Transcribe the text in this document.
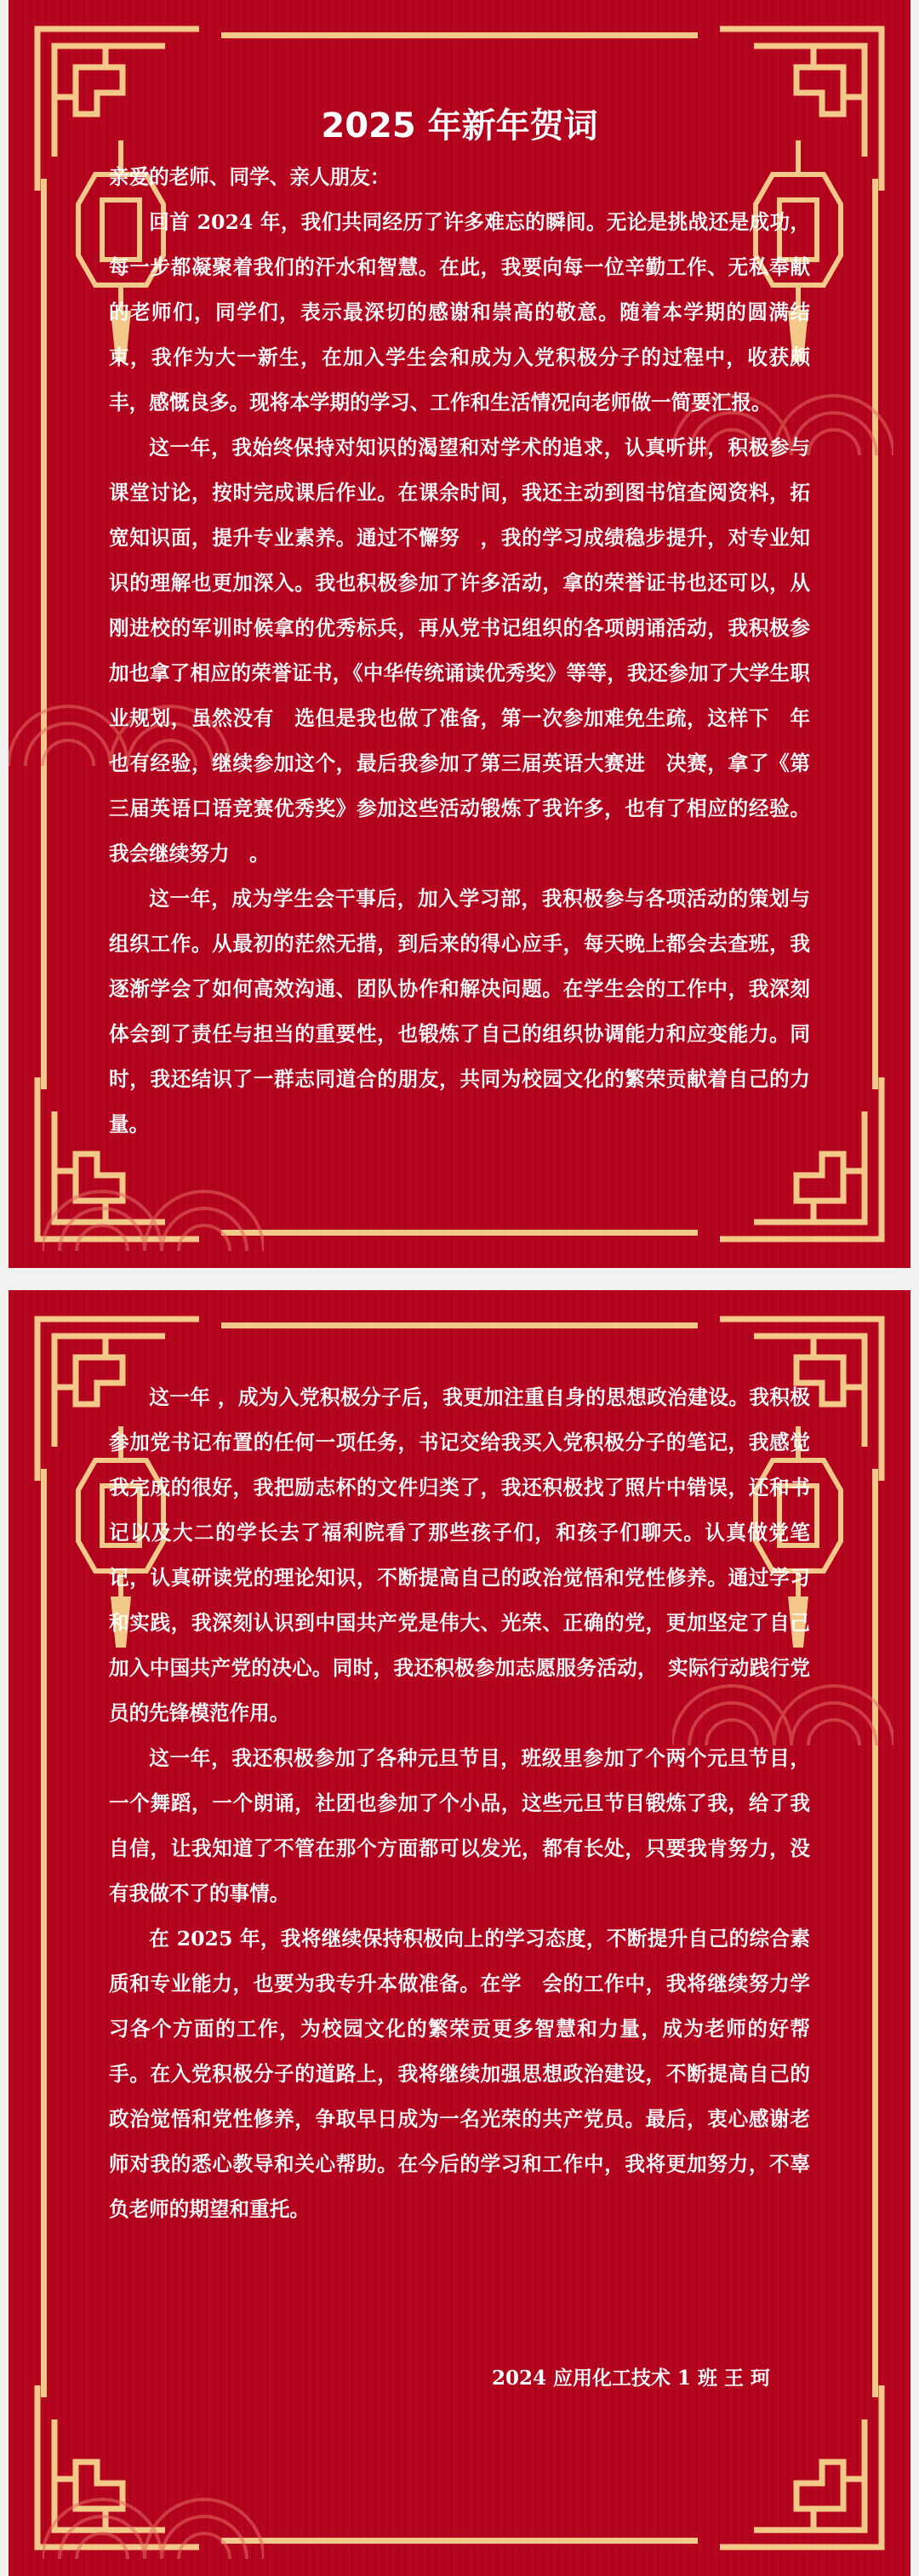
2025 年新年贺词

亲爱的老师、同学、亲人朋友：

回首 2024 年，我们共同经历了许多难忘的瞬间。无论是挑战还是成功，每一步都凝聚着我们的汗水和智慧。在此，我要向每一位辛勤工作、无私奉献的老师们，同学们，表示最深切的感谢和崇高的敬意。随着本学期的圆满结束，我作为大一新生，在加入学生会和成为入党积极分子的过程中，收获颇丰，感慨良多。现将本学期的学习、工作和生活情况向老师做一简要汇报。

这一年，我始终保持对知识的渴望和对学术的追求，认真听讲，积极参与课堂讨论，按时完成课后作业。在课余时间，我还主动到图书馆查阅资料，拓宽知识面，提升专业素养。通过不懈努　，我的学习成绩稳步提升，对专业知识的理解也更加深入。我也积极参加了许多活动，拿的荣誉证书也还可以，从刚进校的军训时候拿的优秀标兵，再从党书记组织的各项朗诵活动，我积极参加也拿了相应的荣誉证书，《中华传统诵读优秀奖》等等，我还参加了大学生职业规划，虽然没有　选但是我也做了准备，第一次参加难免生疏，这样下　年也有经验，继续参加这个，最后我参加了第三届英语大赛进　决赛，拿了《第三届英语口语竞赛优秀奖》参加这些活动锻炼了我许多，也有了相应的经验。我会继续努力　。

这一年，成为学生会干事后，加入学习部，我积极参与各项活动的策划与组织工作。从最初的茫然无措，到后来的得心应手，每天晚上都会去查班，我逐渐学会了如何高效沟通、团队协作和解决问题。在学生会的工作中，我深刻体会到了责任与担当的重要性，也锻炼了自己的组织协调能力和应变能力。同时，我还结识了一群志同道合的朋友，共同为校园文化的繁荣贡献着自己的力量。

这一年 ，成为入党积极分子后，我更加注重自身的思想政治建设。我积极参加党书记布置的任何一项任务，书记交给我买入党积极分子的笔记，我感觉我完成的很好，我把励志杯的文件归类了，我还积极找了照片中错误，还和书记以及大二的学长去了福利院看了那些孩子们，和孩子们聊天。认真做党笔记，认真研读党的理论知识，不断提高自己的政治觉悟和党性修养。通过学习和实践，我深刻认识到中国共产党是伟大、光荣、正确的党，更加坚定了自己加入中国共产党的决心。同时，我还积极参加志愿服务活动，　实际行动践行党员的先锋模范作用。

这一年，我还积极参加了各种元旦节目，班级里参加了个两个元旦节目，一个舞蹈，一个朗诵，社团也参加了个小品，这些元旦节目锻炼了我，给了我自信，让我知道了不管在那个方面都可以发光，都有长处，只要我肯努力，没有我做不了的事情。

在 2025 年，我将继续保持积极向上的学习态度，不断提升自己的综合素质和专业能力，也要为我专升本做准备。在学　会的工作中，我将继续努力学习各个方面的工作，为校园文化的繁荣贡更多智慧和力量，成为老师的好帮手。在入党积极分子的道路上，我将继续加强思想政治建设，不断提高自己的政治觉悟和党性修养，争取早日成为一名光荣的共产党员。最后，衷心感谢老师对我的悉心教导和关心帮助。在今后的学习和工作中，我将更加努力，不辜负老师的期望和重托。

2024 应用化工技术 1 班 王 珂
